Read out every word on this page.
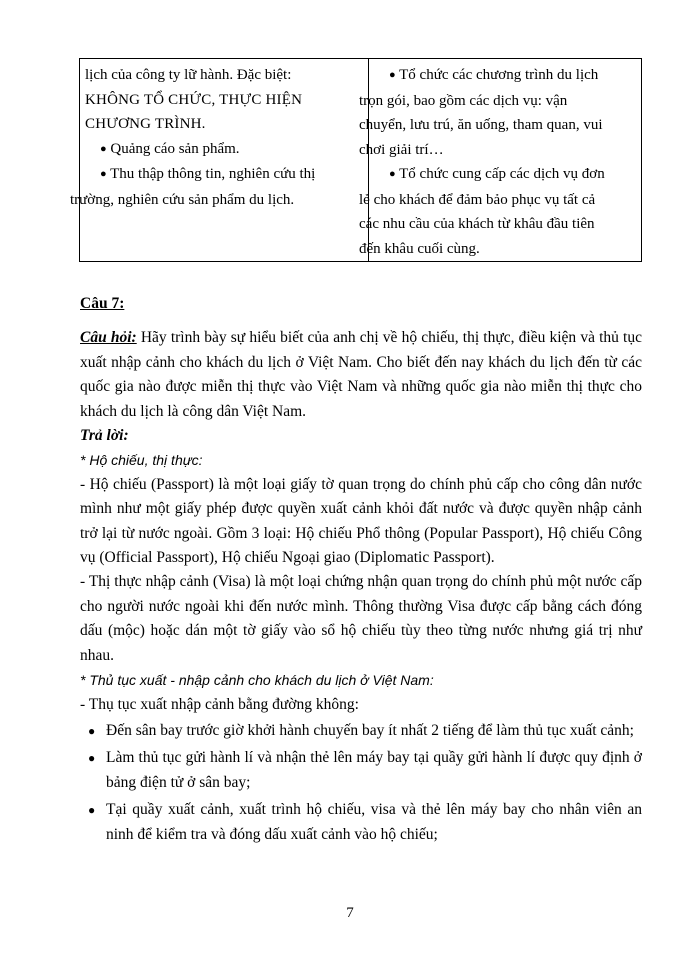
lịch của công ty lữ hành. Đặc biệt:
KHÔNG TỔ CHỨC, THỰC HIỆN
CHƯƠNG TRÌNH.

● Quảng cáo sản phẩm.

● Thu thập thông tin, nghiên cứu thị
trường, nghiên cứu sản phẩm du lịch.

● Tổ chức các chương trình du lịch
trọn gói, bao gồm các dịch vụ: vận
chuyển, lưu trú, ăn uống, tham quan, vui
chơi giải trí…

● Tổ chức cung cấp các dịch vụ đơn
lẻ cho khách để đảm bảo phục vụ tất cả
các nhu cầu của khách từ khâu đầu tiên
đến khâu cuối cùng.

Câu 7:

Câu hỏi: Hãy trình bày sự hiểu biết của anh chị về hộ chiếu, thị thực, điều kiện và thủ tục xuất nhập cảnh cho khách du lịch ở Việt Nam. Cho biết đến nay khách du lịch đến từ các quốc gia nào được miễn thị thực vào Việt Nam và những quốc gia nào miễn thị thực cho khách du lịch là công dân Việt Nam.

Trả lời:

* Hộ chiếu, thị thực:

- Hộ chiếu (Passport) là một loại giấy tờ quan trọng do chính phủ cấp cho công dân nước mình như một giấy phép được quyền xuất cảnh khỏi đất nước và được quyền nhập cảnh trở lại từ nước ngoài. Gồm 3 loại: Hộ chiếu Phổ thông (Popular Passport), Hộ chiếu Công vụ (Official Passport), Hộ chiếu Ngoại giao (Diplomatic Passport).

- Thị thực nhập cảnh (Visa) là một loại chứng nhận quan trọng do chính phủ một nước cấp cho người nước ngoài khi đến nước mình. Thông thường Visa được cấp bằng cách đóng dấu (mộc) hoặc dán một tờ giấy vào sổ hộ chiếu tùy theo từng nước nhưng giá trị như nhau.

* Thủ tục xuất - nhập cảnh cho khách du lịch ở Việt Nam:

- Thụ tục xuất nhập cảnh bằng đường không:

● Đến sân bay trước giờ khởi hành chuyến bay ít nhất 2 tiếng để làm thủ tục xuất cảnh;
● Làm thủ tục gửi hành lí và nhận thẻ lên máy bay tại quầy gửi hành lí được quy định ở bảng điện tử ở sân bay;
● Tại quầy xuất cảnh, xuất trình hộ chiếu, visa và thẻ lên máy bay cho nhân viên an ninh để kiểm tra và đóng dấu xuất cảnh vào hộ chiếu;
7
